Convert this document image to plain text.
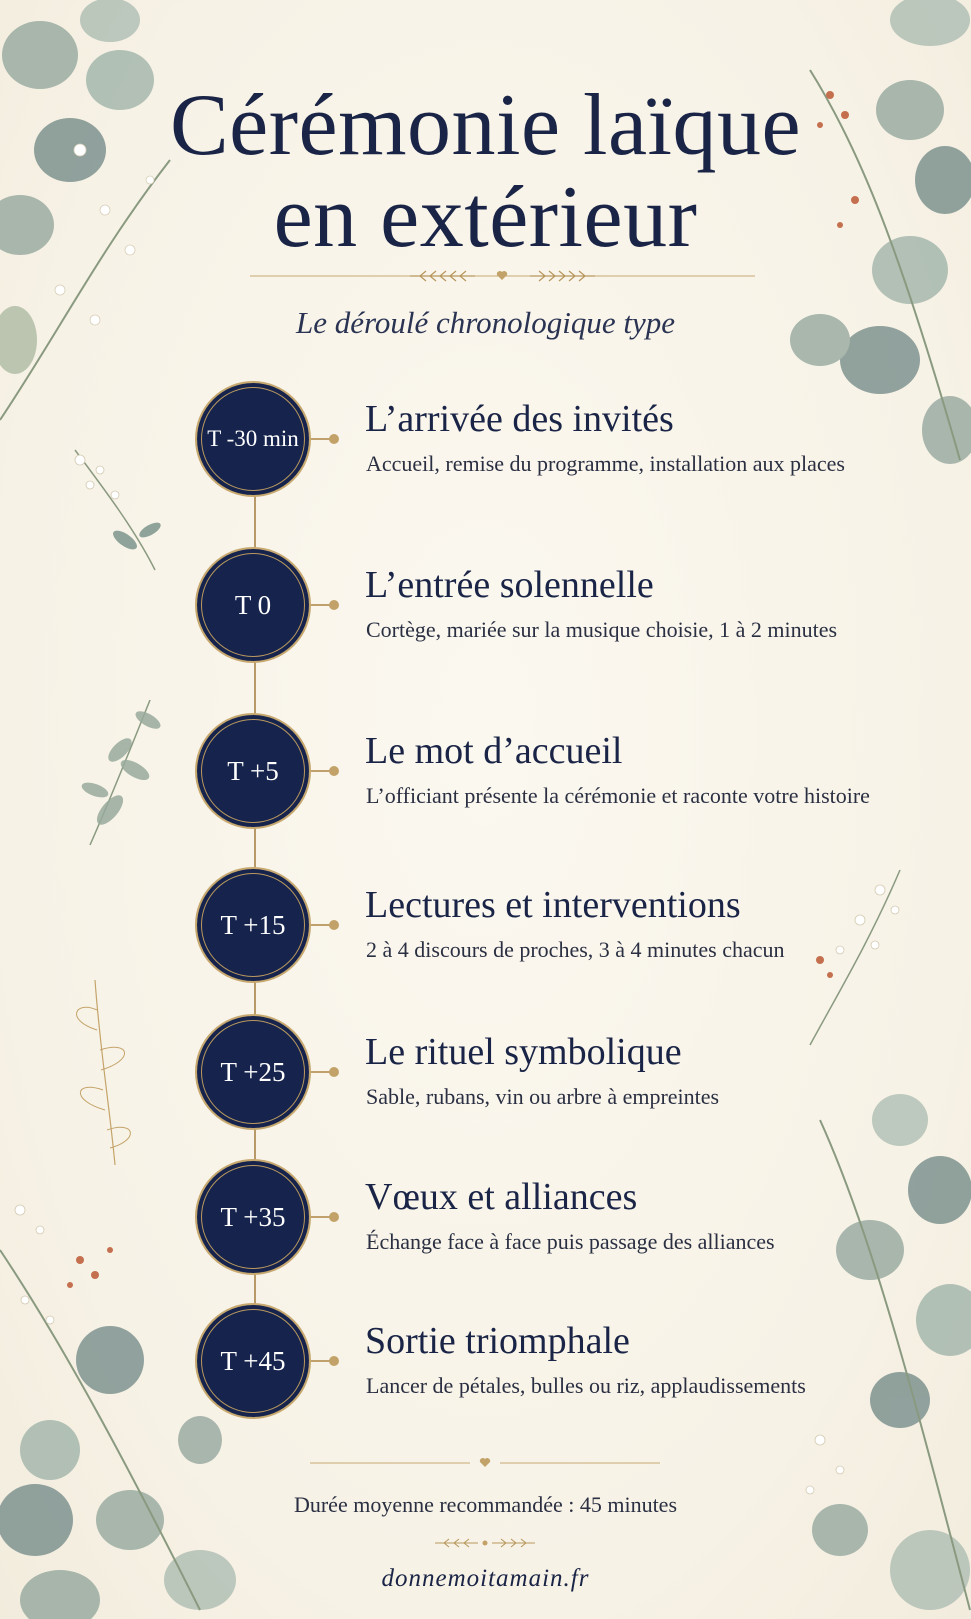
Cérémonie laïque
en extérieur
Le déroulé chronologique type
T -30 min L’arrivée des invités
Accueil, remise du programme, installation aux places
T 0	L’entrée solennelle
Cortège, mariée sur la musique choisie, 1 à 2 minutes
T +5	Le mot d’accueil
L’officiant présente la cérémonie et raconte votre histoire
T +15	Lectures et interventions
2 à 4 discours de proches, 3 à 4 minutes chacun
T +25	Le rituel symbolique
Sable, rubans, vin ou arbre à empreintes
T +35	Vœux et alliances
Échange face à face puis passage des alliances
T +45	Sortie triomphale
Lancer de pétales, bulles ou riz, applaudissements
Durée moyenne recommandée : 45 minutes
donnemoitamain.fr
